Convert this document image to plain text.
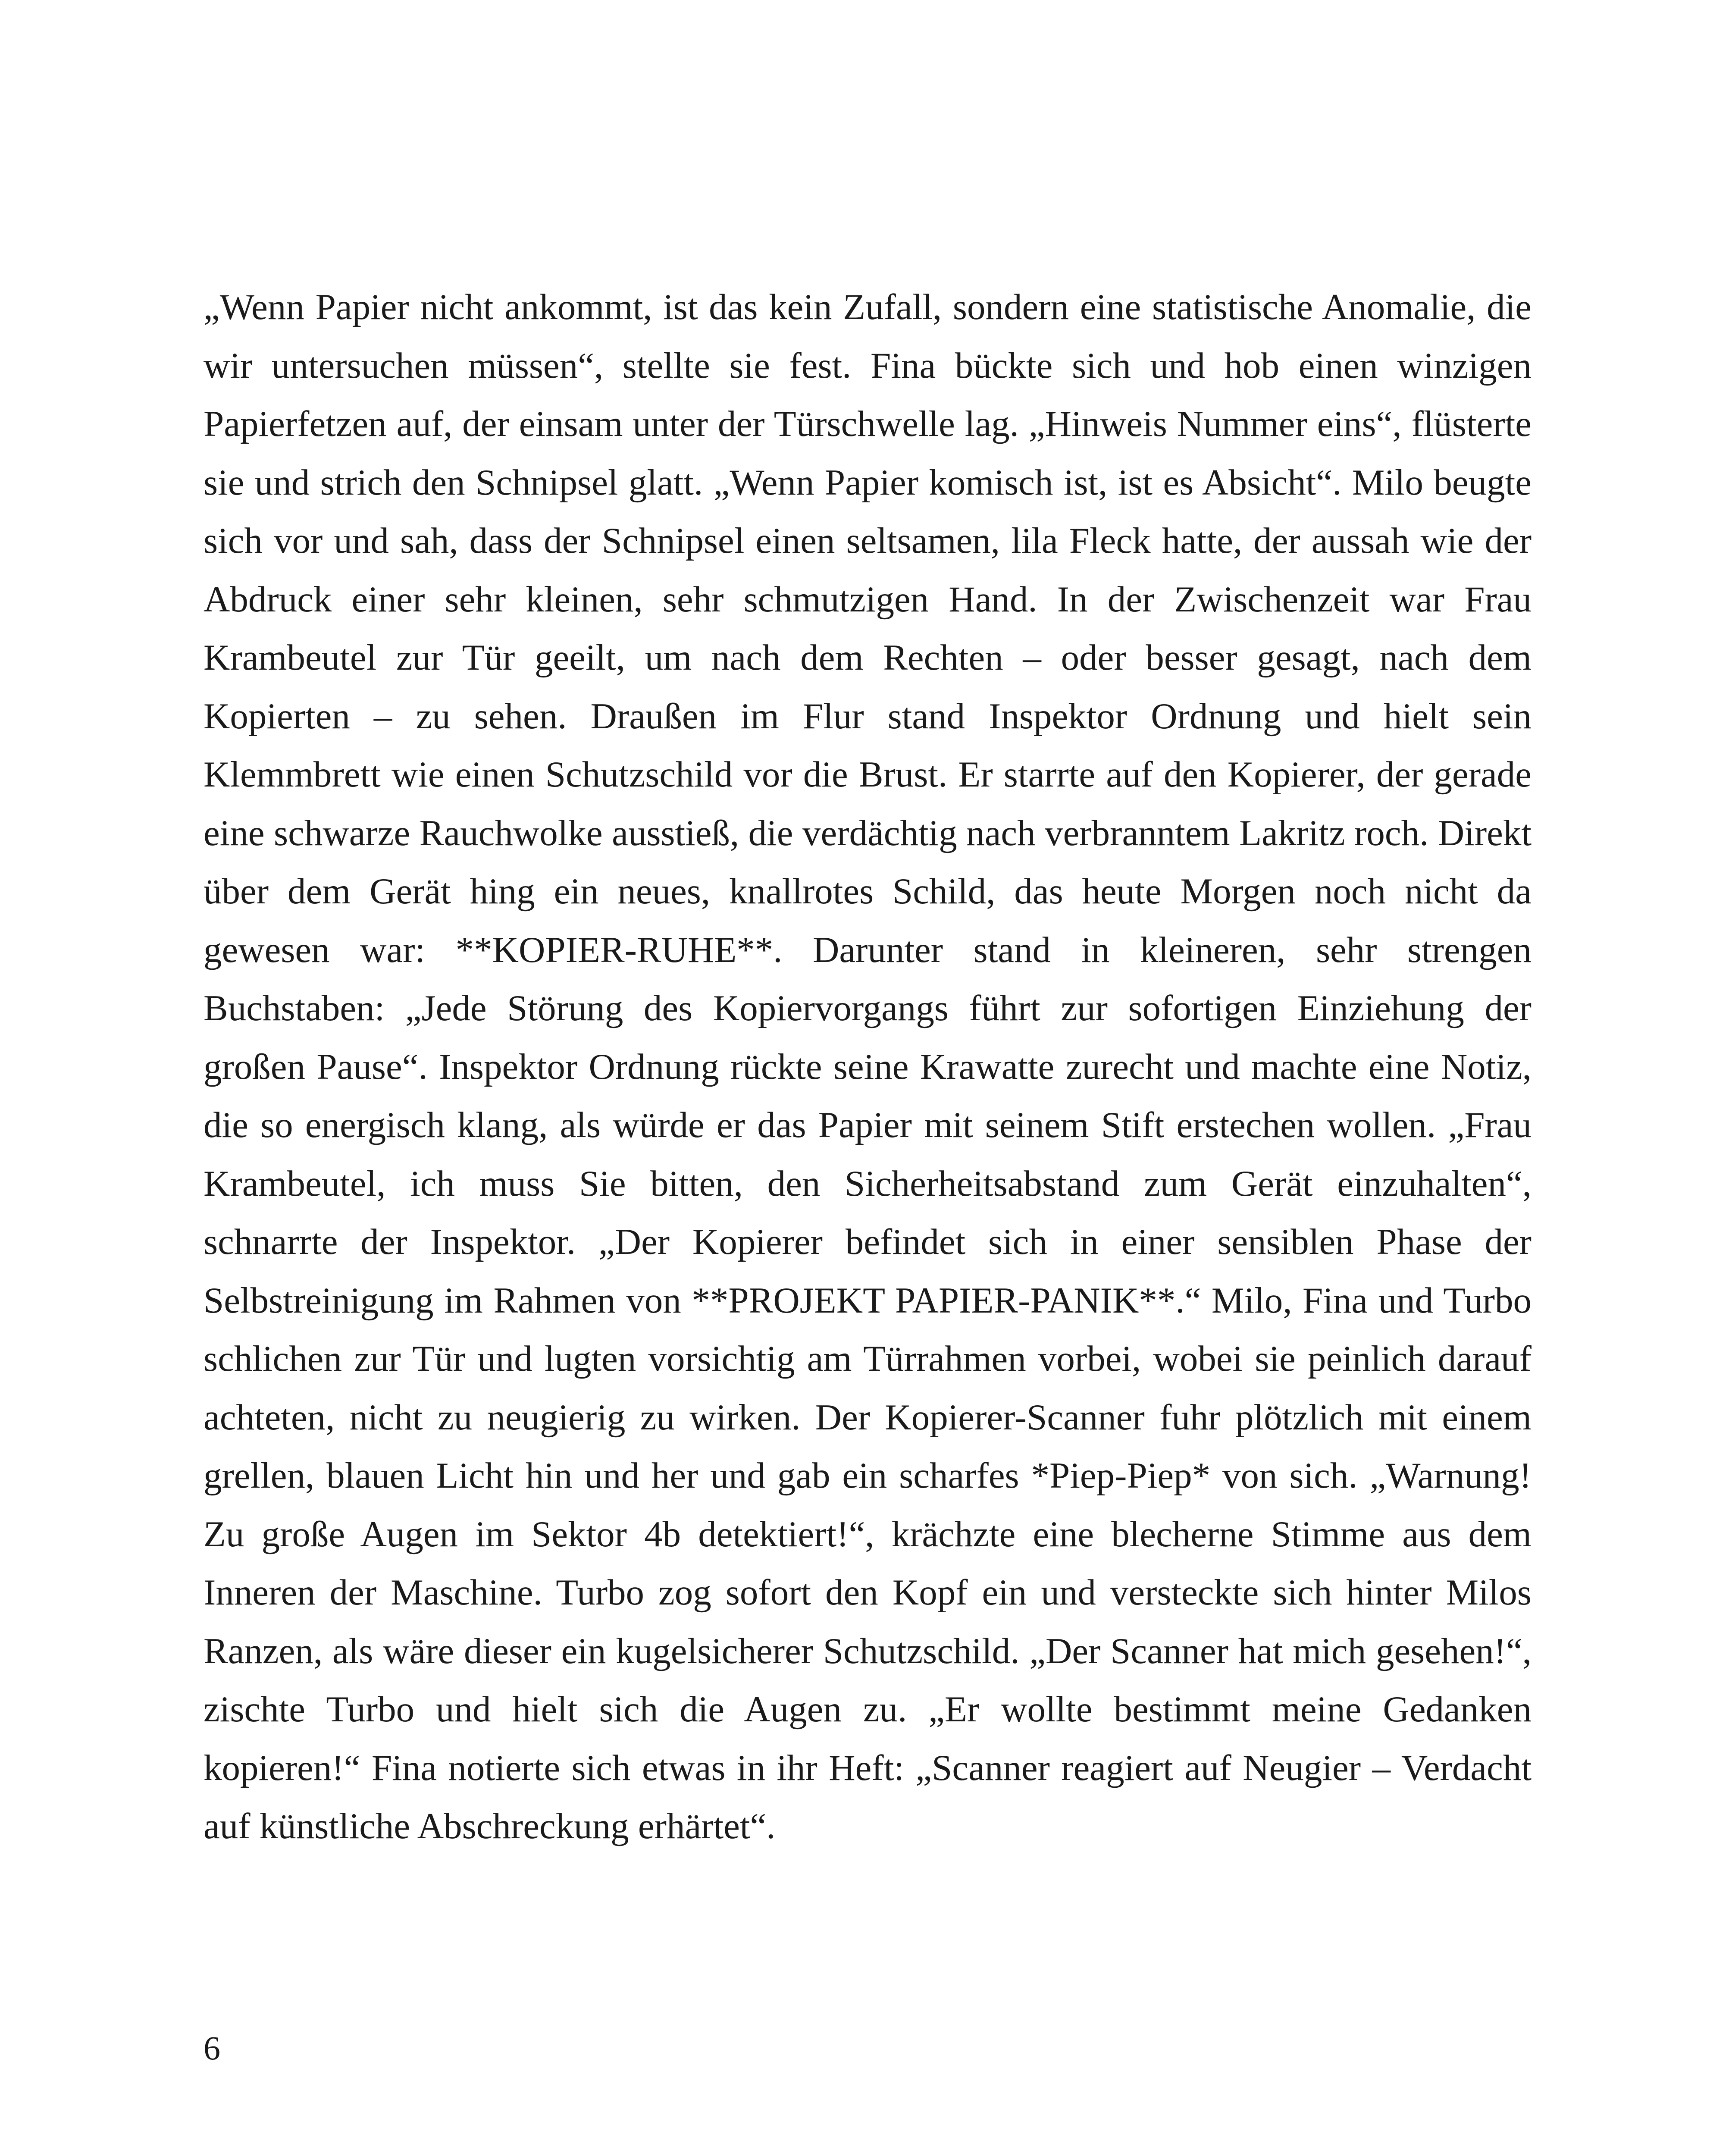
„Wenn Papier nicht ankommt, ist das kein Zufall, sondern eine statistische Anomalie, die wir untersuchen müssen“, stellte sie fest. Fina bückte sich und hob einen winzigen Papierfetzen auf, der einsam unter der Türschwelle lag. „Hinweis Nummer eins“, flüsterte sie und strich den Schnipsel glatt. „Wenn Papier komisch ist, ist es Absicht“. Milo beugte sich vor und sah, dass der Schnipsel einen seltsamen, lila Fleck hatte, der aussah wie der Abdruck einer sehr kleinen, sehr schmutzigen Hand. In der Zwischenzeit war Frau Krambeutel zur Tür geeilt, um nach dem Rechten – oder besser gesagt, nach dem Kopierten – zu sehen. Draußen im Flur stand Inspektor Ordnung und hielt sein Klemmbrett wie einen Schutzschild vor die Brust. Er starrte auf den Kopierer, der gerade eine schwarze Rauchwolke ausstieß, die verdächtig nach verbranntem Lakritz roch. Direkt über dem Gerät hing ein neues, knallrotes Schild, das heute Morgen noch nicht da gewesen war: **KOPIER-RUHE**. Darunter stand in kleineren, sehr strengen Buchstaben: „Jede Störung des Kopiervorgangs führt zur sofortigen Einziehung der großen Pause“. Inspektor Ordnung rückte seine Krawatte zurecht und machte eine Notiz, die so energisch klang, als würde er das Papier mit seinem Stift erstechen wollen. „Frau Krambeutel, ich muss Sie bitten, den Sicherheitsabstand zum Gerät einzuhalten“, schnarrte der Inspektor. „Der Kopierer befindet sich in einer sensiblen Phase der Selbstreinigung im Rahmen von **PROJEKT PAPIER-PANIK**.“ Milo, Fina und Turbo schlichen zur Tür und lugten vorsichtig am Türrahmen vorbei, wobei sie peinlich darauf achteten, nicht zu neugierig zu wirken. Der Kopierer-Scanner fuhr plötzlich mit einem grellen, blauen Licht hin und her und gab ein scharfes *Piep-Piep* von sich. „Warnung! Zu große Augen im Sektor 4b detektiert!“, krächzte eine blecherne Stimme aus dem Inneren der Maschine. Turbo zog sofort den Kopf ein und versteckte sich hinter Milos Ranzen, als wäre dieser ein kugelsicherer Schutzschild. „Der Scanner hat mich gesehen!“, zischte Turbo und hielt sich die Augen zu. „Er wollte bestimmt meine Gedanken kopieren!“ Fina notierte sich etwas in ihr Heft: „Scanner reagiert auf Neugier – Verdacht auf künstliche Abschreckung erhärtet“.

6
